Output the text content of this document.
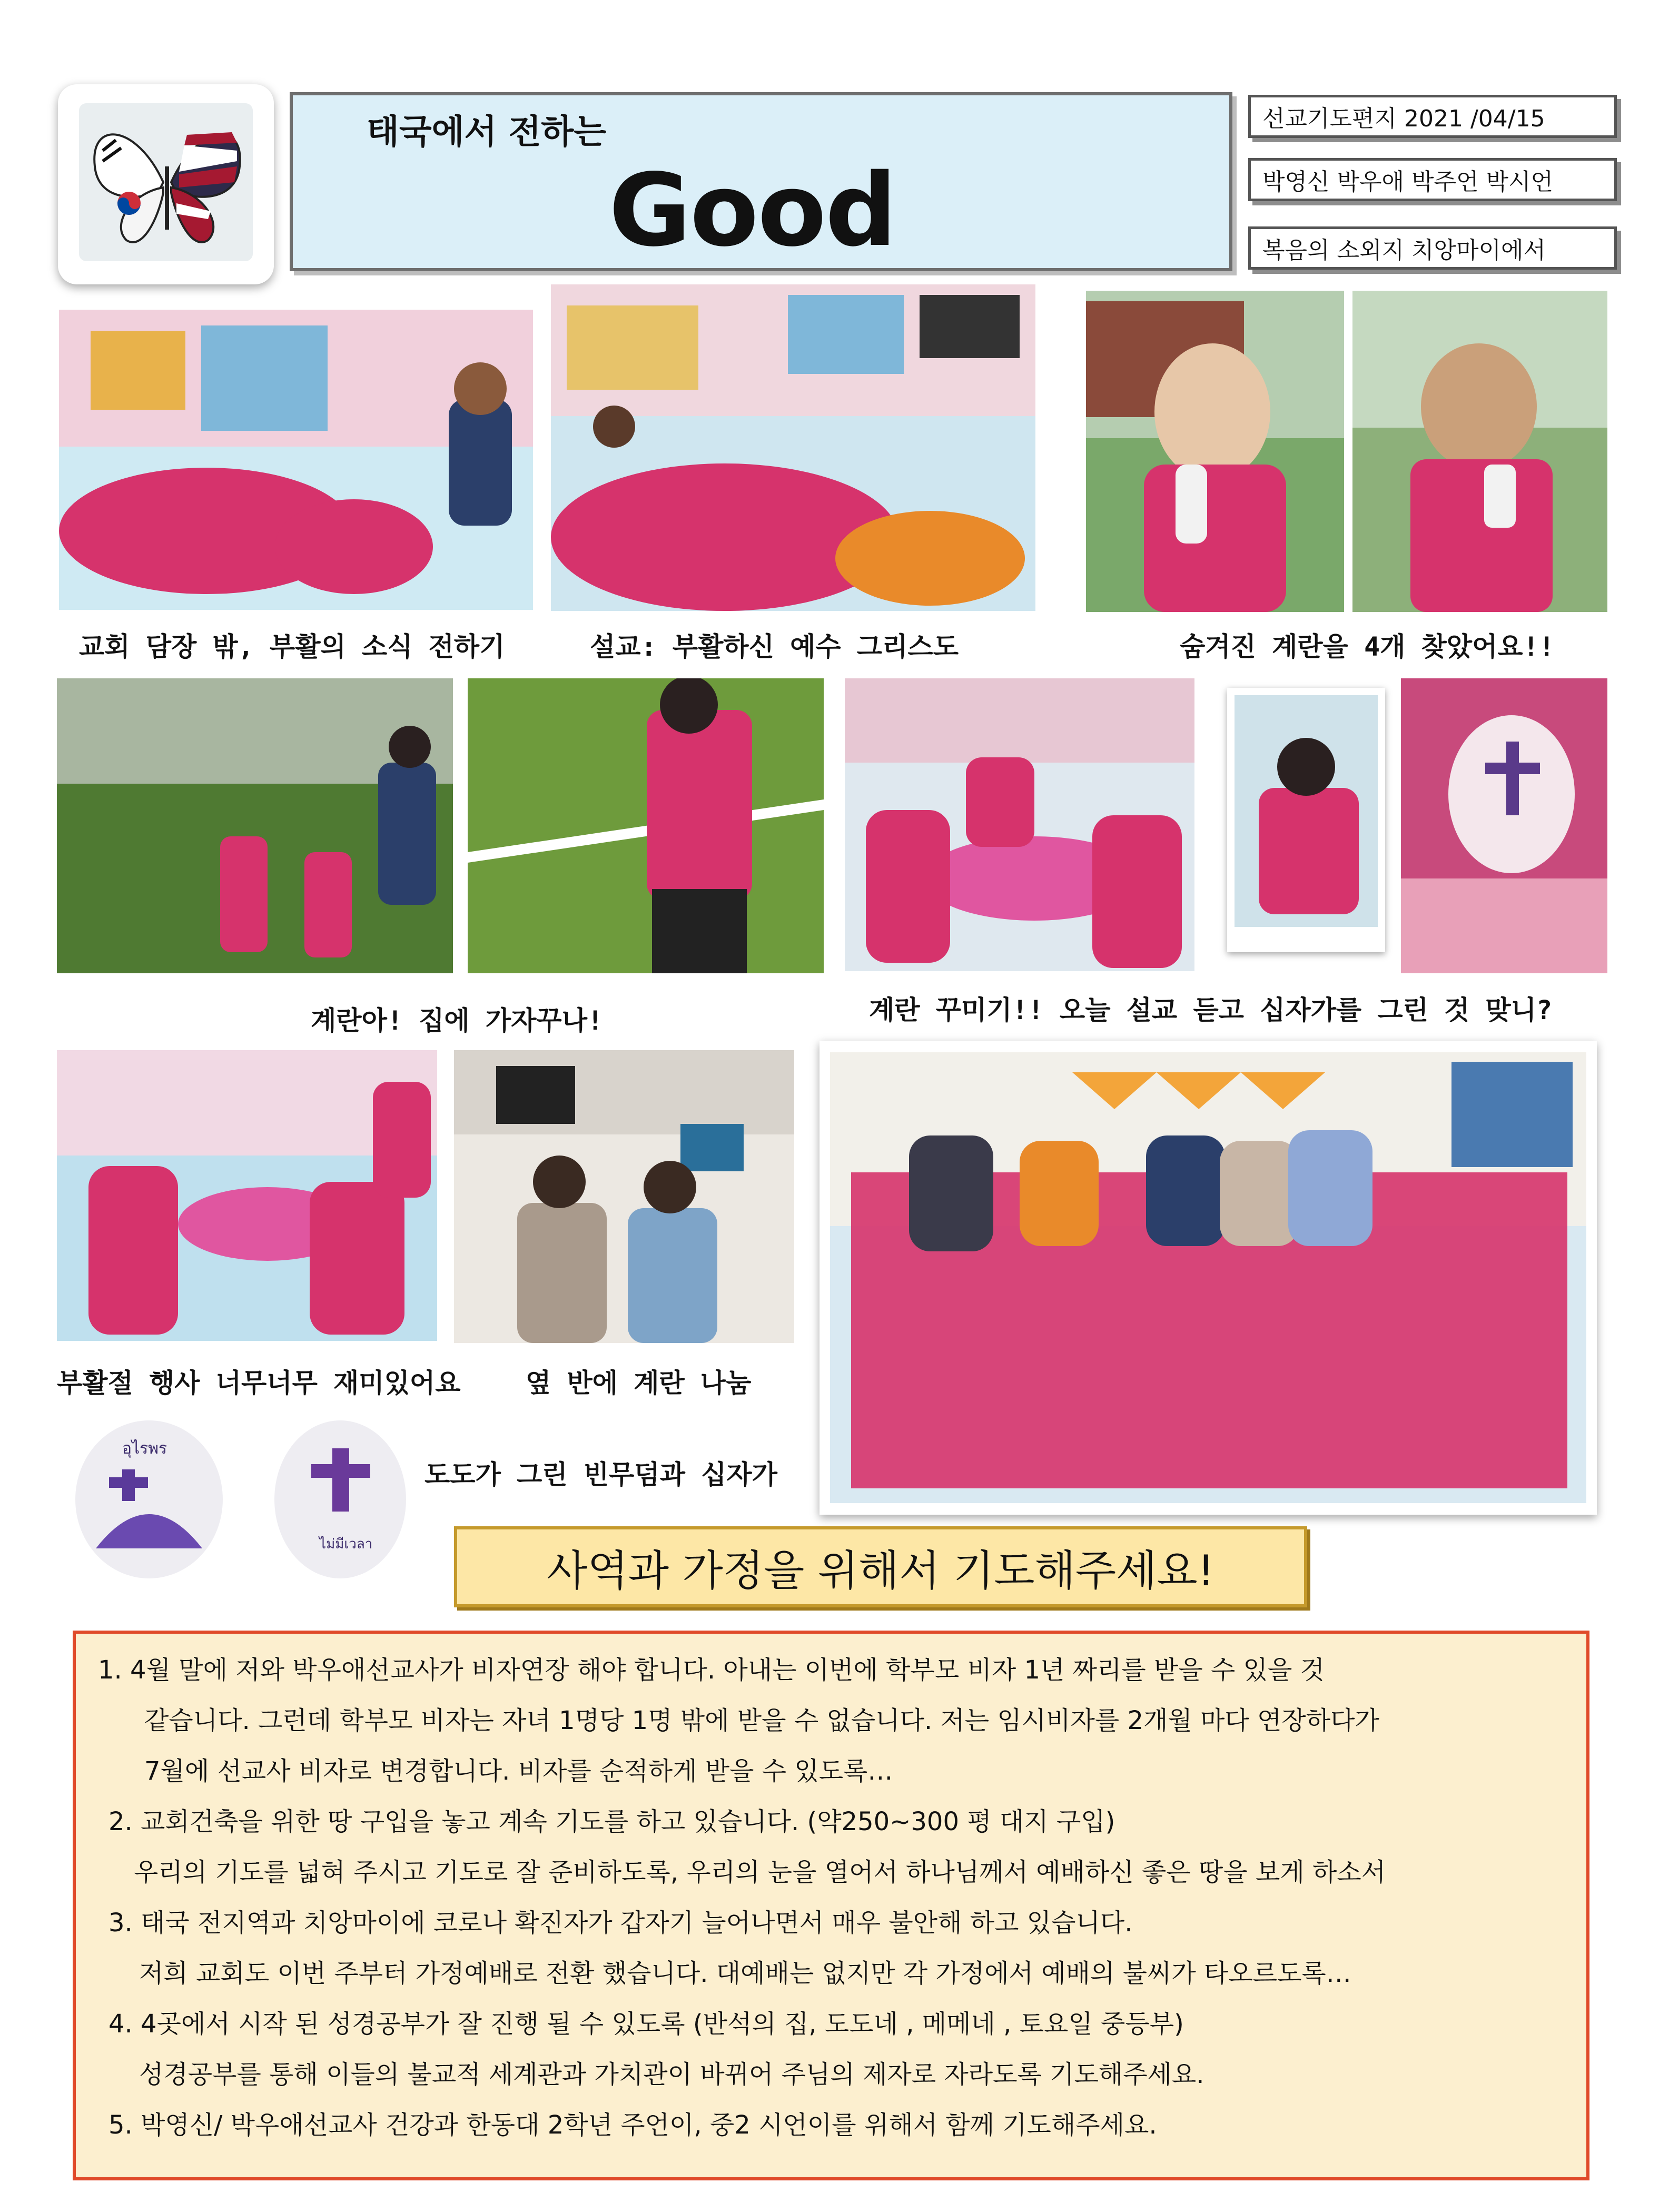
태국에서 전하는
Good
선교기도편지 2021 /04/15
박영신 박우애 박주언 박시언
복음의 소외지 치앙마이에서
교회 담장 밖, 부활의 소식 전하기	설교: 부활하신 예수 그리스도	숨겨진 계란을 4개 찾았어요!!
계란아! 집에 가자꾸나!	계란 꾸미기!! 오늘 설교 듣고 십자가를 그린 것 맞니?
부활절 행사 너무너무 재미있어요 옆 반에 계란 나눔
อุไรพร
ไม่มีเวลา
도도가 그린 빈무덤과 십자가
사역과 가정을 위해서 기도해주세요!
1. 4월 말에 저와 박우애선교사가 비자연장 해야 합니다. 아내는 이번에 학부모 비자 1년 짜리를 받을 수 있을 것
같습니다. 그런데 학부모 비자는 자녀 1명당 1명 밖에 받을 수 없습니다. 저는 임시비자를 2개월 마다 연장하다가
7월에 선교사 비자로 변경합니다. 비자를 순적하게 받을 수 있도록…
2. 교회건축을 위한 땅 구입을 놓고 계속 기도를 하고 있습니다. (약250~300 평 대지 구입)
우리의 기도를 넓혀 주시고 기도로 잘 준비하도록, 우리의 눈을 열어서 하나님께서 예배하신 좋은 땅을 보게 하소서
3. 태국 전지역과 치앙마이에 코로나 확진자가 갑자기 늘어나면서 매우 불안해 하고 있습니다.
저희 교회도 이번 주부터 가정예배로 전환 했습니다. 대예배는 없지만 각 가정에서 예배의 불씨가 타오르도록…
4. 4곳에서 시작 된 성경공부가 잘 진행 될 수 있도록 (반석의 집, 도도네 , 메메네 , 토요일 중등부)
성경공부를 통해 이들의 불교적 세계관과 가치관이 바뀌어 주님의 제자로 자라도록 기도해주세요.
5. 박영신/ 박우애선교사 건강과 한동대 2학년 주언이, 중2 시언이를 위해서 함께 기도해주세요.
